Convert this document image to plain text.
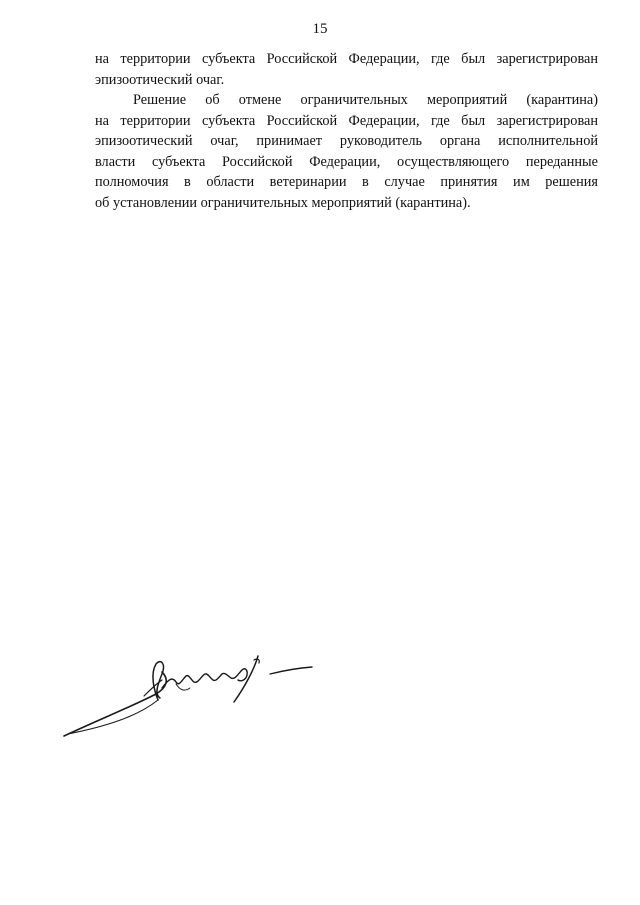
15

на территории субъекта Российской Федерации, где был зарегистрирован
эпизоотический очаг.

Решение об отмене ограничительных мероприятий (карантина)
на территории субъекта Российской Федерации, где был зарегистрирован
эпизоотический очаг, принимает руководитель органа исполнительной
власти субъекта Российской Федерации, осуществляющего переданные
полномочия в области ветеринарии в случае принятия им решения
об установлении ограничительных мероприятий (карантина).
